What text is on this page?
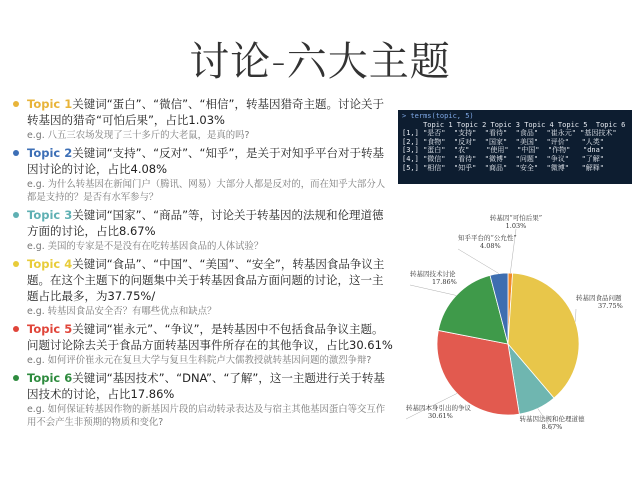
讨论-六大主题
Topic 1关键词“蛋白”、“微信”、“相信”，转基因猎奇主题。讨论关于转基因的猎奇“可怕后果”，占比1.03%
e.g. 八五三农场发现了三十多斤的大老鼠，是真的吗?
Topic 2关键词“支持”、“反对”、“知乎”，是关于对知乎平台对于转基因讨论的讨论，占比4.08%
e.g. 为什么转基因在新闻门户（腾讯、网易）大部分人都是反对的，而在知乎大部分人都是支持的？是否有水军参与？
Topic 3关键词“国家”、“商品”等，讨论关于转基因的法规和伦理道德方面的讨论，占比8.67%
e.g. 美国的专家是不是没有在吃转基因食品的人体试验？
Topic 4关键词“食品”、“中国”、“美国”、“安全”，转基因食品争议主题。在这个主题下的问题集中关于转基因食品方面问题的讨论，这一主题占比最多，为37.75%/
e.g. 转基因食品安全否？有哪些优点和缺点？
Topic 5关键词“崔永元”、“争议”，是转基因中不包括食品争议主题。问题讨论除去关于食品方面转基因事件所存在的其他争议，占比30.61%
e.g. 如何评价崔永元在复旦大学与复旦生科院卢大儒教授就转基因问题的激烈争辩?
Topic 6关键词“基因技术”、“DNA”、“了解”，这一主题进行关于转基因技术的讨论，占比17.86%
e.g. 如何保证转基因作物的新基因片段的启动转录表达及与宿主其他基因蛋白等交互作用不会产生非预期的物质和变化?
> terms(topic, 5)
Topic 1 Topic 2 Topic 3 Topic 4 Topic 5  Topic 6
[1,] "是否"  "支持"  "看待"  "食品"  "崔永元" "基因技术"
[2,] "食物"  "反对"  "国家"  "美国"  "评价"   "人类"
[3,] "蛋白"  "农"    "使用"  "中国"  "作物"   "dna"
[4,] "微信"  "看待"  "微博"  "问题"  "争议"   "了解"
[5,] "相信"  "知乎"  "商品"  "安全"  "微博"   "解释"
转基因“可怕后果”
1.03%
转基因食品问题
37.75%
转基因法规和伦理道德
8.67%
转基因本身引出的争议
30.61%
转基因技术讨论
17.86%
知乎平台的“公允性”
4.08%
